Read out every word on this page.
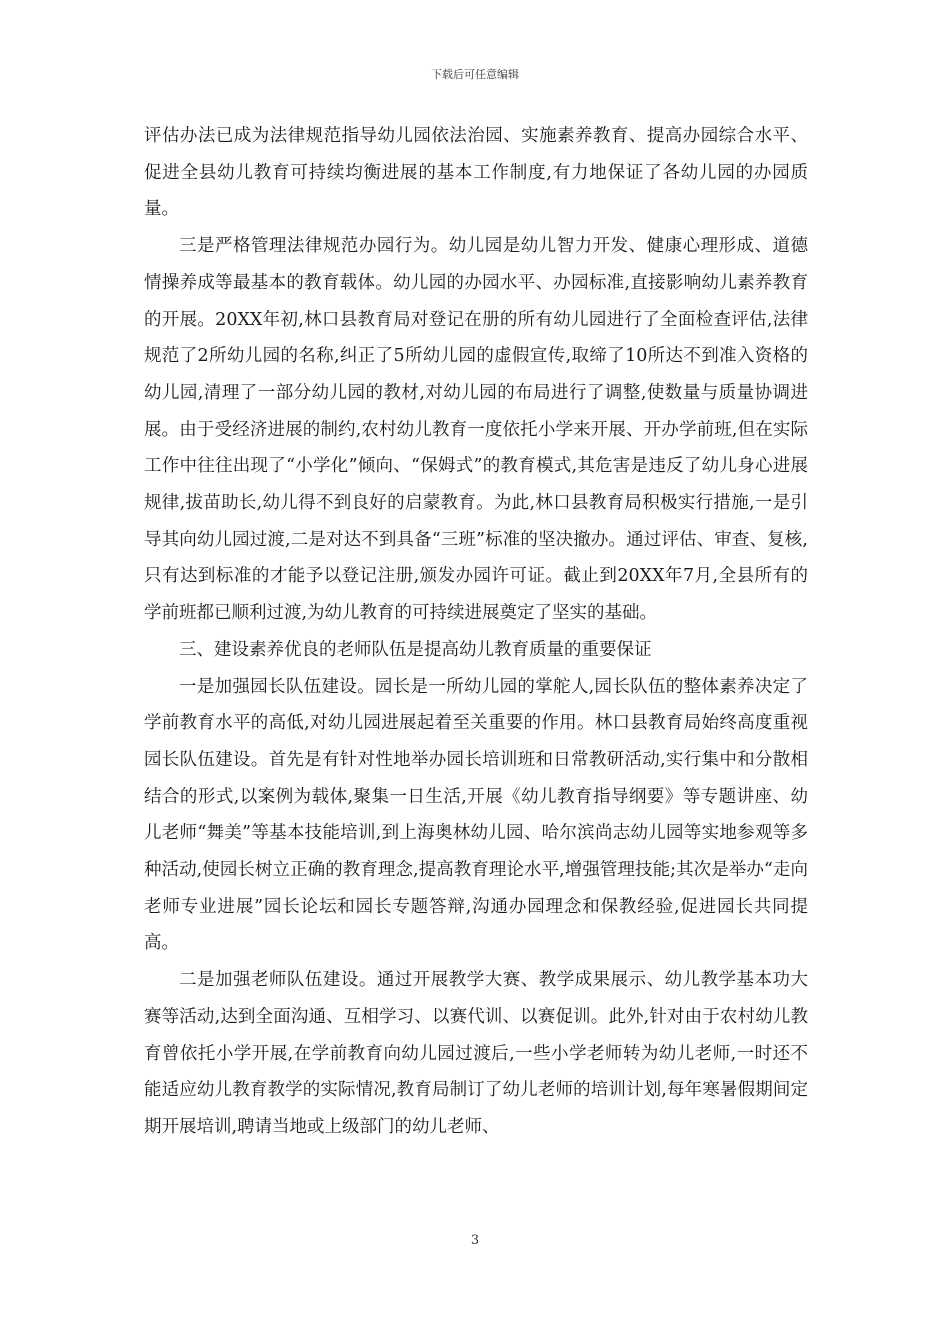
下载后可任意编辑

评估办法已成为法律规范指导幼儿园依法治园、实施素养教育、提高办园综合水平、促进全县幼儿教育可持续均衡进展的基本工作制度,有力地保证了各幼儿园的办园质量。

三是严格管理法律规范办园行为。幼儿园是幼儿智力开发、健康心理形成、道德情操养成等最基本的教育载体。幼儿园的办园水平、办园标准,直接影响幼儿素养教育的开展。20XX年初,林口县教育局对登记在册的所有幼儿园进行了全面检查评估,法律规范了2所幼儿园的名称,纠正了5所幼儿园的虚假宣传,取缔了10所达不到准入资格的幼儿园,清理了一部分幼儿园的教材,对幼儿园的布局进行了调整,使数量与质量协调进展。由于受经济进展的制约,农村幼儿教育一度依托小学来开展、开办学前班,但在实际工作中往往出现了“小学化”倾向、“保姆式”的教育模式,其危害是违反了幼儿身心进展规律,拔苗助长,幼儿得不到良好的启蒙教育。为此,林口县教育局积极实行措施,一是引导其向幼儿园过渡,二是对达不到具备“三班”标准的坚决撤办。通过评估、审查、复核,只有达到标准的才能予以登记注册,颁发办园许可证。截止到20XX年7月,全县所有的学前班都已顺利过渡,为幼儿教育的可持续进展奠定了坚实的基础。

三、建设素养优良的老师队伍是提高幼儿教育质量的重要保证

一是加强园长队伍建设。园长是一所幼儿园的掌舵人,园长队伍的整体素养决定了学前教育水平的高低,对幼儿园进展起着至关重要的作用。林口县教育局始终高度重视园长队伍建设。首先是有针对性地举办园长培训班和日常教研活动,实行集中和分散相结合的形式,以案例为载体,聚集一日生活,开展《幼儿教育指导纲要》等专题讲座、幼儿老师“舞美”等基本技能培训,到上海奥林幼儿园、哈尔滨尚志幼儿园等实地参观等多种活动,使园长树立正确的教育理念,提高教育理论水平,增强管理技能;其次是举办“走向老师专业进展”园长论坛和园长专题答辩,沟通办园理念和保教经验,促进园长共同提高。

二是加强老师队伍建设。通过开展教学大赛、教学成果展示、幼儿教学基本功大赛等活动,达到全面沟通、互相学习、以赛代训、以赛促训。此外,针对由于农村幼儿教育曾依托小学开展,在学前教育向幼儿园过渡后,一些小学老师转为幼儿老师,一时还不能适应幼儿教育教学的实际情况,教育局制订了幼儿老师的培训计划,每年寒暑假期间定期开展培训,聘请当地或上级部门的幼儿老师、

3
